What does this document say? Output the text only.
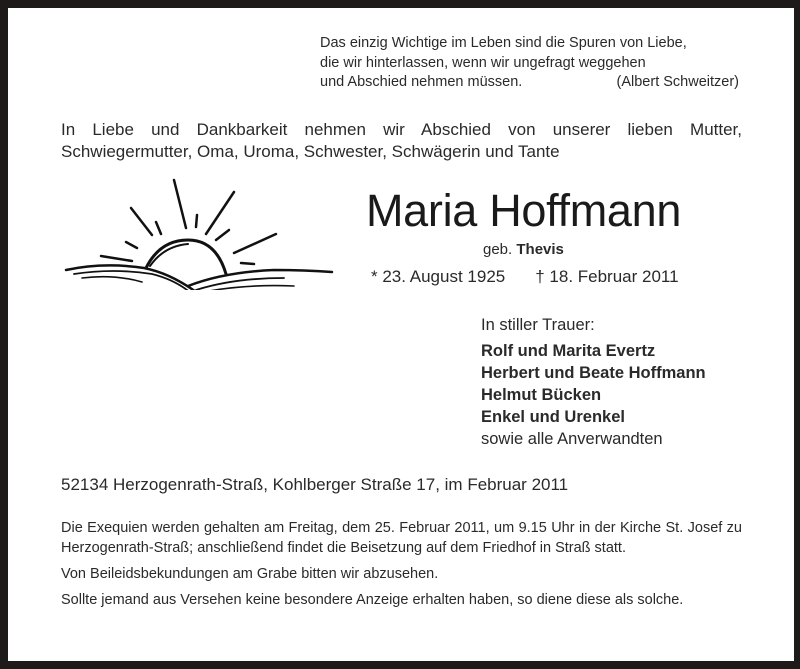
Das einzig Wichtige im Leben sind die Spuren von Liebe,
die wir hinterlassen, wenn wir ungefragt weggehen
und Abschied nehmen müssen.	(Albert Schweitzer)
In Liebe und Dankbarkeit nehmen wir Abschied von unserer lieben Mutter,
Schwiegermutter, Oma, Uroma, Schwester, Schwägerin und Tante
Maria Hoffmann
geb. Thevis
* 23. August 1925 † 18. Februar 2011
In stiller Trauer:
Rolf und Marita Evertz
Herbert und Beate Hoffmann
Helmut Bücken
Enkel und Urenkel
sowie alle Anverwandten
52134 Herzogenrath-Straß, Kohlberger Straße 17, im Februar 2011

Die Exequien werden gehalten am Freitag, dem 25. Februar 2011, um 9.15 Uhr in der Kirche St. Josef zu Herzogenrath-Straß; anschließend findet die Beisetzung auf dem Friedhof in Straß statt.

Von Beileidsbekundungen am Grabe bitten wir abzusehen.

Sollte jemand aus Versehen keine besondere Anzeige erhalten haben, so diene diese als solche.
